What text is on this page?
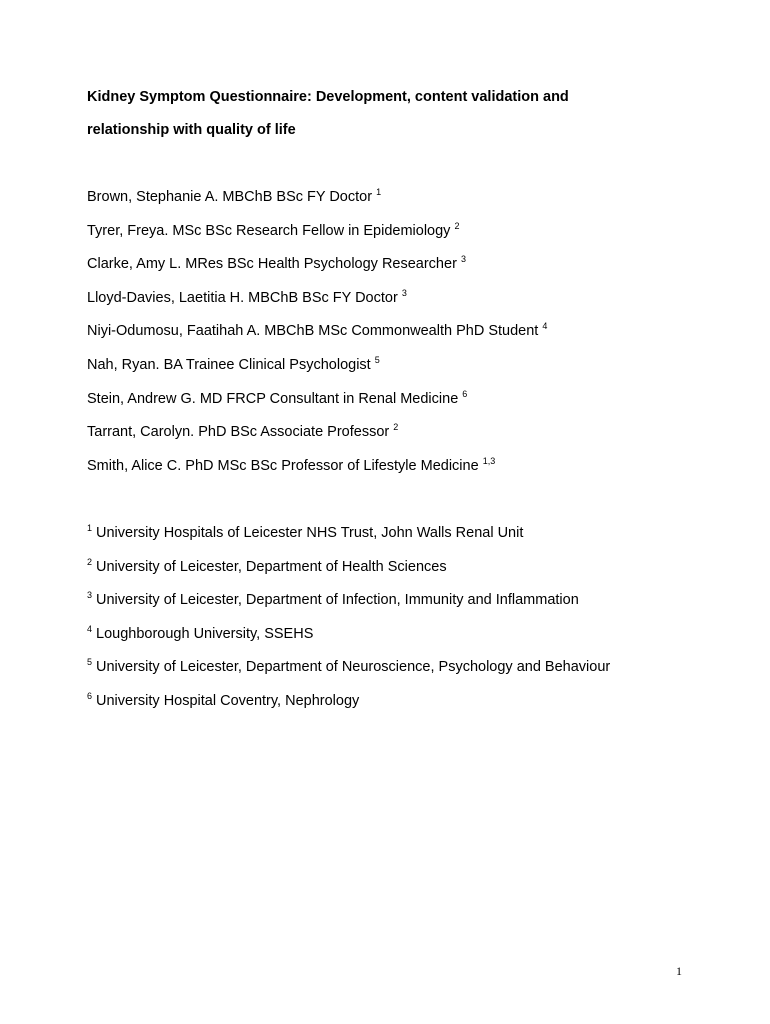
Kidney Symptom Questionnaire: Development, content validation and
relationship with quality of life
Brown, Stephanie A. MBChB BSc FY Doctor $^1$
Tyrer, Freya. MSc BSc Research Fellow in Epidemiology $^2$
Clarke, Amy L. MRes BSc Health Psychology Researcher $^3$
Lloyd-Davies, Laetitia H. MBChB BSc FY Doctor $^3$
Niyi-Odumosu, Faatihah A. MBChB MSc Commonwealth PhD Student $^4$
Nah, Ryan. BA Trainee Clinical Psychologist $^5$
Stein, Andrew G. MD FRCP Consultant in Renal Medicine $^6$
Tarrant, Carolyn. PhD BSc Associate Professor $^2$
Smith, Alice C. PhD MSc BSc Professor of Lifestyle Medicine $^{1,3}$
$^1$ University Hospitals of Leicester NHS Trust, John Walls Renal Unit
$^2$ University of Leicester, Department of Health Sciences
$^3$ University of Leicester, Department of Infection, Immunity and Inflammation
$^4$ Loughborough University, SSEHS
$^5$ University of Leicester, Department of Neuroscience, Psychology and Behaviour
$^6$ University Hospital Coventry, Nephrology
1
